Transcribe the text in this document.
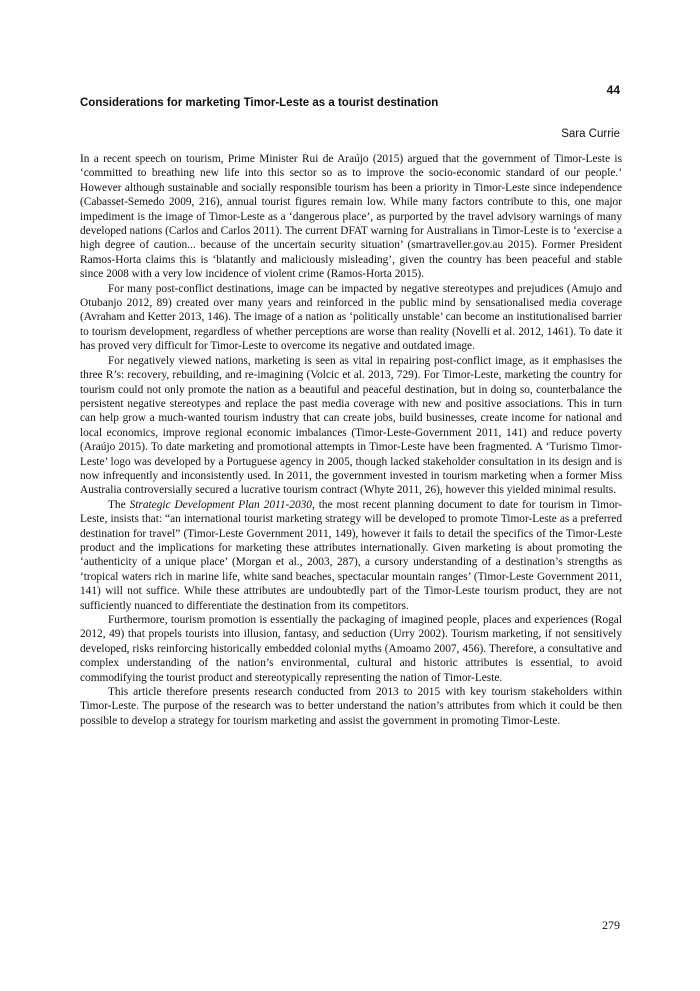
44
Considerations for marketing Timor-Leste as a tourist destination
Sara Currie

In a recent speech on tourism, Prime Minister Rui de Araújo (2015) argued that the government of Timor-Leste is ‘committed to breathing new life into this sector so as to improve the socio-economic standard of our people.’ However although sustainable and socially responsible tourism has been a priority in Timor-Leste since independence (Cabasset-Semedo 2009, 216), annual tourist figures remain low. While many factors contribute to this, one major impediment is the image of Timor-Leste as a ‘dangerous place’, as purported by the travel advisory warnings of many developed nations (Carlos and Carlos 2011). The current DFAT warning for Australians in Timor-Leste is to ‘exercise a high degree of caution... because of the uncertain security situation’ (smartraveller.gov.au 2015). Former President Ramos-Horta claims this is ‘blatantly and maliciously misleading’, given the country has been peaceful and stable since 2008 with a very low incidence of violent crime (Ramos-Horta 2015).

For many post-conflict destinations, image can be impacted by negative stereotypes and prejudices (Amujo and Otubanjo 2012, 89) created over many years and reinforced in the public mind by sensationalised media coverage (Avraham and Ketter 2013, 146). The image of a nation as ‘politically unstable’ can become an institutionalised barrier to tourism development, regardless of whether perceptions are worse than reality (Novelli et al. 2012, 1461). To date it has proved very difficult for Timor-Leste to overcome its negative and outdated image.

For negatively viewed nations, marketing is seen as vital in repairing post-conflict image, as it emphasises the three R’s: recovery, rebuilding, and re-imagining (Volcic et al. 2013, 729). For Timor-Leste, marketing the country for tourism could not only promote the nation as a beautiful and peaceful destination, but in doing so, counterbalance the persistent negative stereotypes and replace the past media coverage with new and positive associations. This in turn can help grow a much-wanted tourism industry that can create jobs, build businesses, create income for national and local economics, improve regional economic imbalances (Timor-Leste-Government 2011, 141) and reduce poverty (Araújo 2015). To date marketing and promotional attempts in Timor-Leste have been fragmented. A ‘Turismo Timor-Leste’ logo was developed by a Portuguese agency in 2005, though lacked stakeholder consultation in its design and is now infrequently and inconsistently used. In 2011, the government invested in tourism marketing when a former Miss Australia controversially secured a lucrative tourism contract (Whyte 2011, 26), however this yielded minimal results.

The Strategic Development Plan 2011-2030, the most recent planning document to date for tourism in Timor-Leste, insists that: “an international tourist marketing strategy will be developed to promote Timor-Leste as a preferred destination for travel” (Timor-Leste Government 2011, 149), however it fails to detail the specifics of the Timor-Leste product and the implications for marketing these attributes internationally. Given marketing is about promoting the ‘authenticity of a unique place’ (Morgan et al., 2003, 287), a cursory understanding of a destination’s strengths as ‘tropical waters rich in marine life, white sand beaches, spectacular mountain ranges’ (Timor-Leste Government 2011, 141) will not suffice. While these attributes are undoubtedly part of the Timor-Leste tourism product, they are not sufficiently nuanced to differentiate the destination from its competitors.

Furthermore, tourism promotion is essentially the packaging of imagined people, places and experiences (Rogal 2012, 49) that propels tourists into illusion, fantasy, and seduction (Urry 2002). Tourism marketing, if not sensitively developed, risks reinforcing historically embedded colonial myths (Amoamo 2007, 456). Therefore, a consultative and complex understanding of the nation’s environmental, cultural and historic attributes is essential, to avoid commodifying the tourist product and stereotypically representing the nation of Timor-Leste.

This article therefore presents research conducted from 2013 to 2015 with key tourism stakeholders within Timor-Leste. The purpose of the research was to better understand the nation’s attributes from which it could be then possible to develop a strategy for tourism marketing and assist the government in promoting Timor-Leste.

279
